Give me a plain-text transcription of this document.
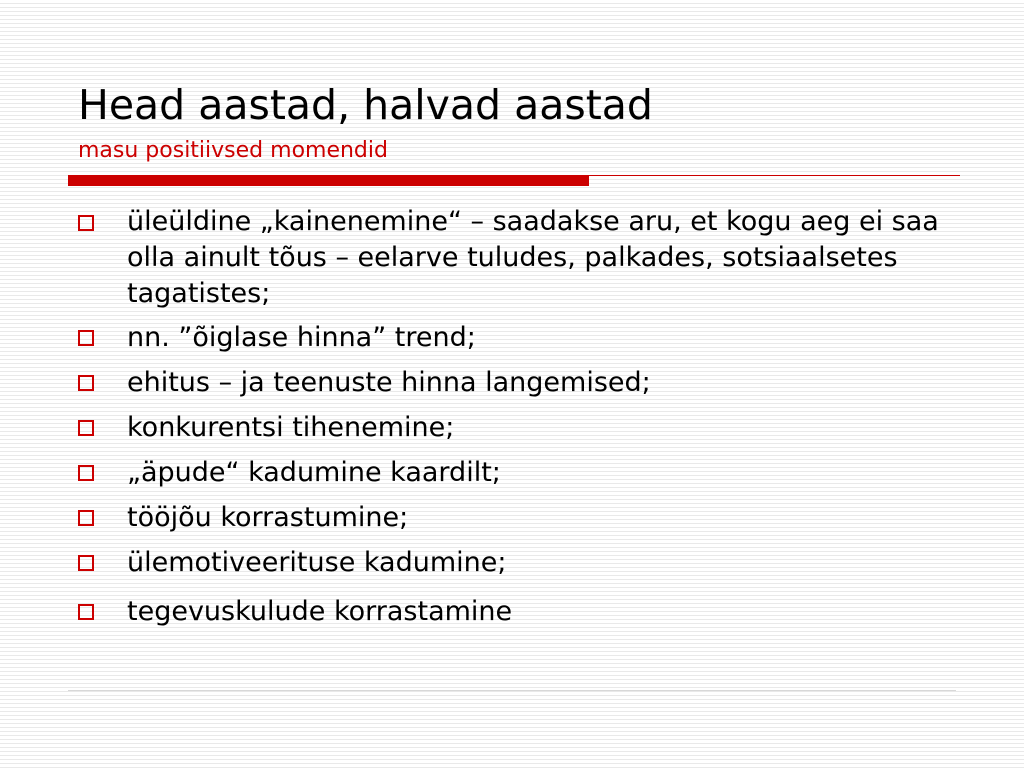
Head aastad, halvad aastad
masu positiivsed momendid
üleüldine „kainenemine“ – saadakse aru, et kogu aeg ei saa olla ainult tõus – eelarve tuludes, palkades, sotsiaalsetes tagatistes;
nn. ”õiglase hinna” trend;
ehitus – ja teenuste hinna langemised;
konkurentsi tihenemine;
„äpude“ kadumine kaardilt;
tööjõu korrastumine;
ülemotiveerituse kadumine;
tegevuskulude korrastamine
